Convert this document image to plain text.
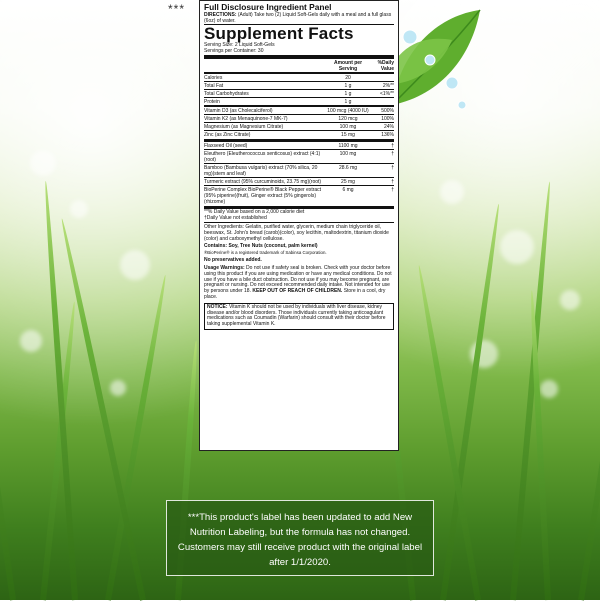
*** Full Disclosure Ingredient Panel
DIRECTIONS: (Adult) Take two (2) Liquid Soft-Gels daily with a meal and a full glass (6oz) of water.
Supplement Facts
Serving Size: 2 Liquid Soft-Gels
Servings per Container: 30
	Amount per Serving	%Daily Value
Calories	20	
Total Fat	1 g	2%**
Total Carbohydrates	1 g	<1%**
Protein	1 g	
Vitamin D3 (as Cholecalciferol)	100 mcg (4000 IU)	500%
Vitamin K2 (as Menaquinone-7 MK-7)	120 mcg	100%
Magnesium (as Magnesium Citrate)	100 mg	24%
Zinc (as Zinc Citrate)	15 mg	136%
Flaxseed Oil (seed)	1100 mg	†
Eleuthero (Eleutherococcus senticosus) extract (4:1)(root)	100 mg	†
Bamboo (Bambusa vulgaris) extract (70% silica, 20 mg)(stem and leaf)	28.6 mg	†
Turmeric extract (95% curcuminoids, 23.75 mg)(root)	25 mg	†
BioPerine Complex BioPerine® Black Pepper extract (95% piperine)(fruit), Ginger extract (5% gingerols)(rhizome)	6 mg	†
**% Daily Value based on a 2,000 calorie diet
†Daily Value not established
Other Ingredients: Gelatin, purified water, glycerin, medium chain triglyceride oil, beeswax, St. John's bread (carob)(color), soy lecithin, maltodextrin, titanium dioxide (color) and carboxymethyl cellulose.
Contains: Soy, Tree Nuts (coconut, palm kernel)
®BioPerine® is a registered trademark of Sabinsa Corporation.
No preservatives added.
Usage Warnings: Do not use if safety seal is broken. Check with your doctor before using this product if you are using medication or have any medical conditions. Do not use if you have a bile duct obstruction. Do not use if you may become pregnant, are pregnant or nursing. Do not exceed recommended daily intake. Not intended for use by persons under 18. KEEP OUT OF REACH OF CHILDREN. Store in a cool, dry place.
NOTICE: Vitamin K should not be used by individuals with liver disease, kidney disease and/or blood disorders. Those individuals currently taking anticoagulant medications such as Coumadin (Warfarin) should consult with their doctor before taking supplemental Vitamin K.
***This product's label has been updated to add New Nutrition Labeling, but the formula has not changed. Customers may still receive product with the original label after 1/1/2020.
